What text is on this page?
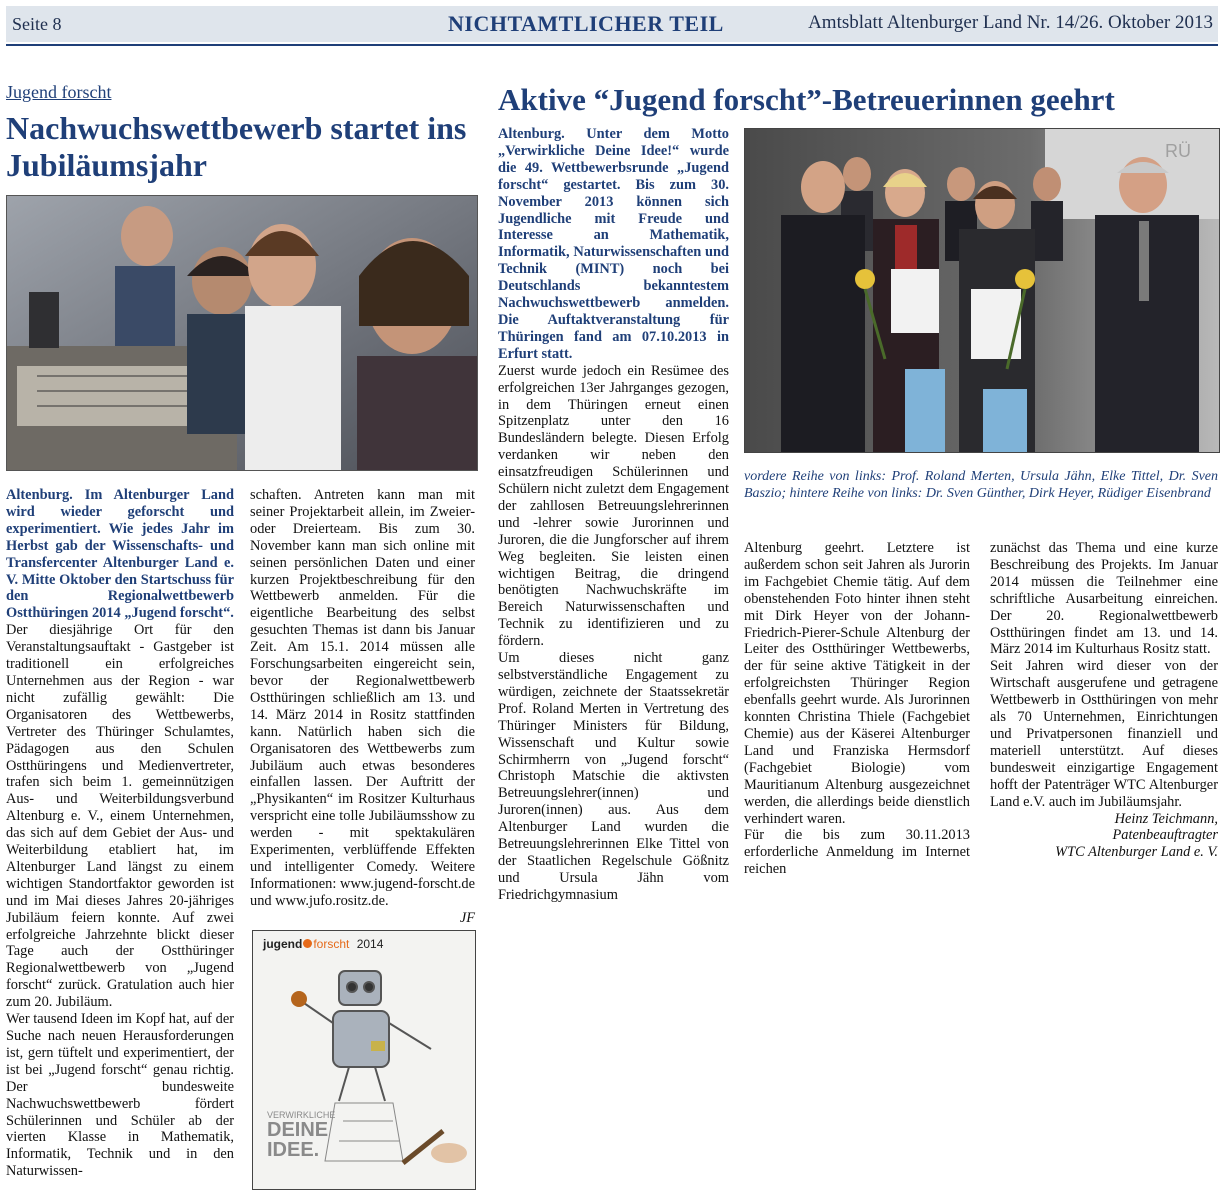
Seite 8	NICHTAMTLICHER TEIL	Amtsblatt Altenburger Land Nr. 14/26. Oktober 2013
Jugend forscht
Nachwuchswettbewerb startet ins Jubiläumsjahr

Altenburg. Im Altenburger Land wird wieder geforscht und experimentiert. Wie jedes Jahr im Herbst gab der Wissenschafts- und Transfercenter Altenburger Land e. V. Mitte Oktober den Startschuss für den Regionalwettbewerb Ostthüringen 2014 „Jugend forscht“.

Der diesjährige Ort für den Veranstaltungsauftakt - Gastgeber ist traditionell ein erfolgreiches Unternehmen aus der Region - war nicht zufällig gewählt: Die Organisatoren des Wettbewerbs, Vertreter des Thüringer Schulamtes, Pädagogen aus den Schulen Ostthüringens und Medienvertreter, trafen sich beim 1. gemeinnützigen Aus- und Weiterbildungsverbund Altenburg e. V., einem Unternehmen, das sich auf dem Gebiet der Aus- und Weiterbildung etabliert hat, im Altenburger Land längst zu einem wichtigen Standortfaktor geworden ist und im Mai dieses Jahres 20-jähriges Jubiläum feiern konnte. Auf zwei erfolgreiche Jahrzehnte blickt dieser Tage auch der Ostthüringer Regionalwettbewerb von „Jugend forscht“ zurück. Gratulation auch hier zum 20. Jubiläum.

Wer tausend Ideen im Kopf hat, auf der Suche nach neuen Herausforderungen ist, gern tüftelt und experimentiert, der ist bei „Jugend forscht“ genau richtig. Der bundesweite Nachwuchswettbewerb fördert Schülerinnen und Schüler ab der vierten Klasse in Mathematik, Informatik, Technik und in den Naturwissen-

schaften. Antreten kann man mit seiner Projektarbeit allein, im Zweier- oder Dreierteam. Bis zum 30. November kann man sich online mit seinen persönlichen Daten und einer kurzen Projektbeschreibung für den Wettbewerb anmelden. Für die eigentliche Bearbeitung des selbst gesuchten Themas ist dann bis Januar Zeit. Am 15.1. 2014 müssen alle Forschungsarbeiten eingereicht sein, bevor der Regionalwettbewerb Ostthüringen schließlich am 13. und 14. März 2014 in Rositz stattfinden kann. Natürlich haben sich die Organisatoren des Wettbewerbs zum Jubiläum auch etwas besonderes einfallen lassen. Der Auftritt der „Physikanten“ im Rositzer Kulturhaus verspricht eine tolle Jubiläumsshow zu werden - mit spektakulären Experimenten, verblüffende Effekten und intelligenter Comedy. Weitere Informationen: www.jugend-forscht.de und www.jufo.rositz.de.

JF

jugend forscht 2014
VERWIRKLICHE
DEINE
IDEE.
Aktive “Jugend forscht”-Betreuerinnen geehrt

Altenburg. Unter dem Motto „Verwirkliche Deine Idee!“ wurde die 49. Wettbewerbsrunde „Jugend forscht“ gestartet. Bis zum 30. November 2013 können sich Jugendliche mit Freude und Interesse an Mathematik, Informatik, Naturwissenschaften und Technik (MINT) noch bei Deutschlands bekanntestem Nachwuchswettbewerb anmelden. Die Auftaktveranstaltung für Thüringen fand am 07.10.2013 in Erfurt statt.

Zuerst wurde jedoch ein Resümee des erfolgreichen 13er Jahrganges gezogen, in dem Thüringen erneut einen Spitzenplatz unter den 16 Bundesländern belegte. Diesen Erfolg verdanken wir neben den einsatzfreudigen Schülerinnen und Schülern nicht zuletzt dem Engagement der zahllosen Betreuungslehrerinnen und -lehrer sowie Jurorinnen und Juroren, die die Jungforscher auf ihrem Weg begleiten. Sie leisten einen wichtigen Beitrag, die dringend benötigten Nachwuchskräfte im Bereich Naturwissenschaften und Technik zu identifizieren und zu fördern.

Um dieses nicht ganz selbstverständliche Engagement zu würdigen, zeichnete der Staatssekretär Prof. Roland Merten in Vertretung des Thüringer Ministers für Bildung, Wissenschaft und Kultur sowie Schirmherrn von „Jugend forscht“ Christoph Matschie die aktivsten Betreuungslehrer(innen) und Juroren(innen) aus. Aus dem Altenburger Land wurden die Betreuungslehrerinnen Elke Tittel von der Staatlichen Regelschule Gößnitz und Ursula Jähn vom Friedrichgymnasium

RÜ
vordere Reihe von links: Prof. Roland Merten, Ursula Jähn, Elke Tittel, Dr. Sven Baszio; hintere Reihe von links: Dr. Sven Günther, Dirk Heyer, Rüdiger Eisenbrand

Altenburg geehrt. Letztere ist außerdem schon seit Jahren als Jurorin im Fachgebiet Chemie tätig. Auf dem obenstehenden Foto hinter ihnen steht mit Dirk Heyer von der Johann-Friedrich-Pierer-Schule Altenburg der Leiter des Ostthüringer Wettbewerbs, der für seine aktive Tätigkeit in der erfolgreichsten Thüringer Region ebenfalls geehrt wurde. Als Jurorinnen konnten Christina Thiele (Fachgebiet Chemie) aus der Käserei Altenburger Land und Franziska Hermsdorf (Fachgebiet Biologie) vom Mauritianum Altenburg ausgezeichnet werden, die allerdings beide dienstlich verhindert waren.

Für die bis zum 30.11.2013 erforderliche Anmeldung im Internet reichen

zunächst das Thema und eine kurze Beschreibung des Projekts. Im Januar 2014 müssen die Teilnehmer eine schriftliche Ausarbeitung einreichen. Der 20. Regionalwettbewerb Ostthüringen findet am 13. und 14. März 2014 im Kulturhaus Rositz statt.

Seit Jahren wird dieser von der Wirtschaft ausgerufene und getragene Wettbewerb in Ostthüringen von mehr als 70 Unternehmen, Einrichtungen und Privatpersonen finanziell und materiell unterstützt. Auf dieses bundesweit einzigartige Engagement hofft der Patenträger WTC Altenburger Land e.V. auch im Jubiläumsjahr.

Heinz Teichmann,

Patenbeauftragter

WTC Altenburger Land e. V.
